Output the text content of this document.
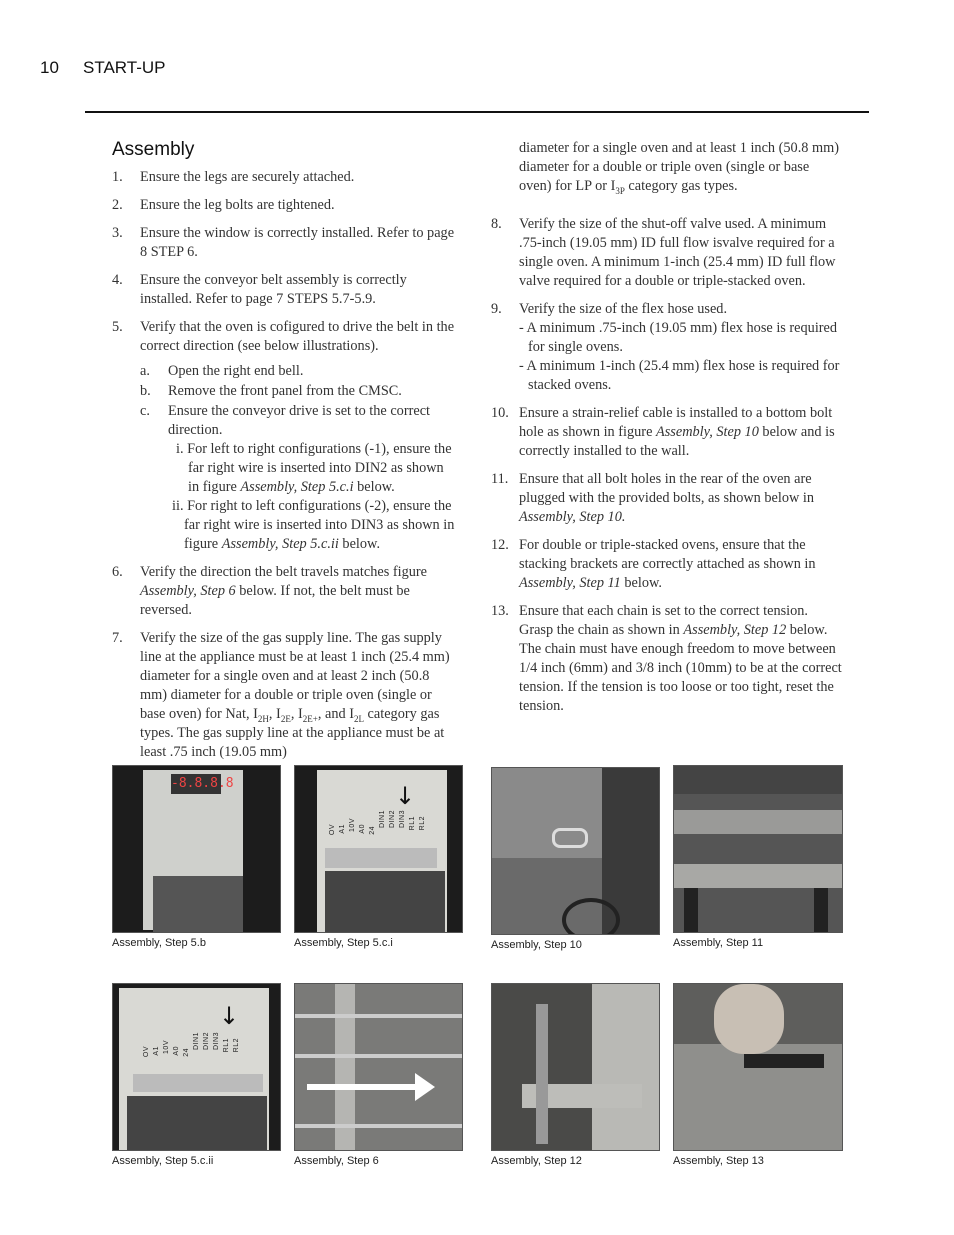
10 START-UP
Assembly
1. Ensure the legs are securely attached.
2. Ensure the leg bolts are tightened.
3. Ensure the window is correctly installed. Refer to page 8 STEP 6.
4. Ensure the conveyor belt assembly is correctly installed. Refer to page 7 STEPS 5.7-5.9.
5. Verify that the oven is cofigured to drive the belt in the correct direction (see below illustrations).
a. Open the right end bell.
b. Remove the front panel from the CMSC.
c. Ensure the conveyor drive is set to the correct direction.

i. For left to right configurations (-1), ensure the far right wire is inserted into DIN2 as shown in figure Assembly, Step 5.c.i below.

ii. For right to left configurations (-2), ensure the far right wire is inserted into DIN3 as shown in figure Assembly, Step 5.c.ii below.

6. Verify the direction the belt travels matches figure Assembly, Step 6 below. If not, the belt must be reversed.
7. Verify the size of the gas supply line. The gas supply line at the appliance must be at least 1 inch (25.4 mm) diameter for a single oven and at least 2 inch (50.8 mm) diameter for a double or triple oven (single or base oven) for Nat, $I_{2H}$, $I_{2E}$, $I_{2E+}$, and $I_{2L}$ category gas types. The gas supply line at the appliance must be at least .75 inch (19.05 mm)

diameter for a single oven and at least 1 inch (50.8 mm) diameter for a double or triple oven (single or base oven) for LP or $I_{3P}$ category gas types.

8. Verify the size of the shut-off valve used. A minimum .75-inch (19.05 mm) ID full flow isvalve required for a single oven. A minimum 1-inch (25.4 mm) ID full flow valve required for a double or triple-stacked oven.
9. Verify the size of the flex hose used.

- A minimum .75-inch (19.05 mm) flex hose is required for single ovens.

- A minimum 1-inch (25.4 mm) flex hose is required for stacked ovens.

10. Ensure a strain-relief cable is installed to a bottom bolt hole as shown in figure Assembly, Step 10 below and is correctly installed to the wall.
11. Ensure that all bolt holes in the rear of the oven are plugged with the provided bolts, as shown below in Assembly, Step 10.
12. For double or triple-stacked ovens, ensure that the stacking brackets are correctly attached as shown in Assembly, Step 11 below.
13. Ensure that each chain is set to the correct tension. Grasp the chain as shown in Assembly, Step 12 below. The chain must have enough freedom to move between 1/4 inch (6mm) and 3/8 inch (10mm) to be at the correct tension. If the tension is too loose or too tight, reset the tension.
-8.8.8.8
Assembly, Step 5.b
↓
OV A1 10V A0 24
DIN1 DIN2 DIN3 RL1 RL2
Assembly, Step 5.c.i	Assembly, Step 10	Assembly, Step 11
↓
OV A1 10V A0 24
DIN1 DIN2 DIN3 RL1 RL2
Assembly, Step 5.c.ii	Assembly, Step 6	Assembly, Step 12	Assembly, Step 13
